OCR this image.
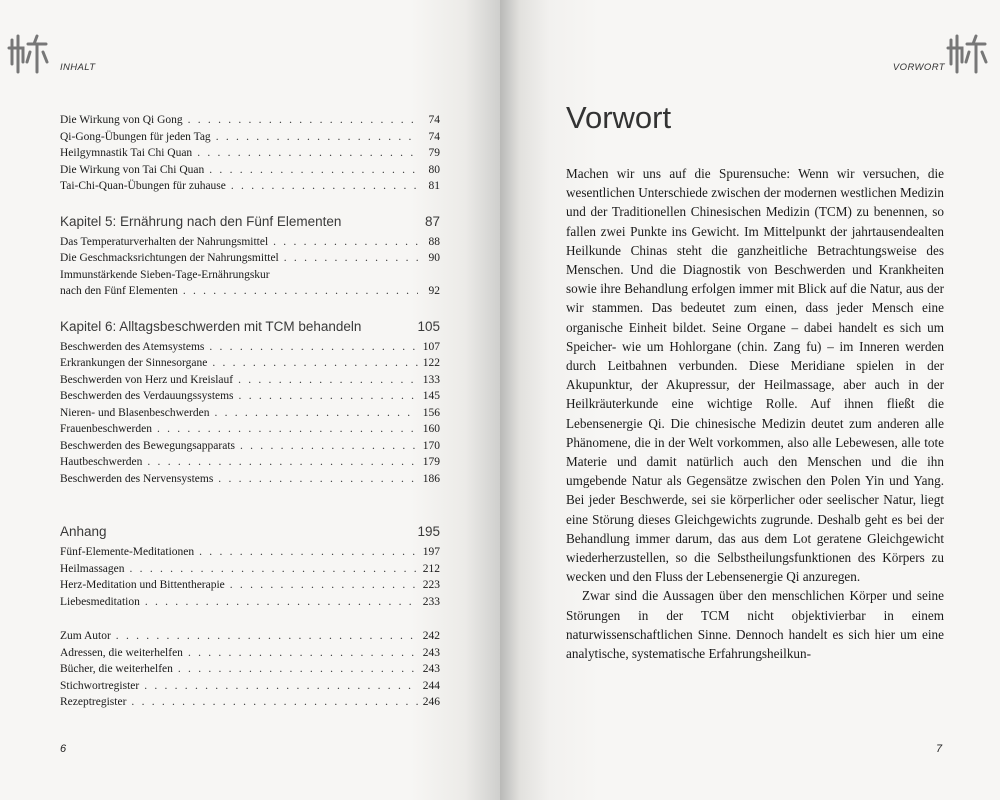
INHALT
Die Wirkung von Qi Gong . . .	74
Qi-Gong-Übungen für jeden Tag . . .	74
Heilgymnastik Tai Chi Quan . . .	79
Die Wirkung von Tai Chi Quan . . .	80
Tai-Chi-Quan-Übungen für zuhause . . .	81
Kapitel 5: Ernährung nach den Fünf Elementen	87
Das Temperaturverhalten der Nahrungsmittel . . .	88
Die Geschmacksrichtungen der Nahrungsmittel . . .	90
Immunstärkende Sieben-Tage-Ernährungskur
nach den Fünf Elementen . . .	92
Kapitel 6: Alltagsbeschwerden mit TCM behandeln	105
Beschwerden des Atemsystems . . .	107
Erkrankungen der Sinnesorgane . . .	122
Beschwerden von Herz und Kreislauf . . .	133
Beschwerden des Verdauungssystems . . .	145
Nieren- und Blasenbeschwerden . . .	156
Frauenbeschwerden . . .	160
Beschwerden des Bewegungsapparats . . .	170
Hautbeschwerden . . .	179
Beschwerden des Nervensystems . . .	186
Anhang	195
Fünf-Elemente-Meditationen . . .	197
Heilmassagen . . .	212
Herz-Meditation und Bittentherapie . . .	223
Liebesmeditation . . .	233
Zum Autor . . .	242
Adressen, die weiterhelfen . . .	243
Bücher, die weiterhelfen . . .	243
Stichwortregister . . .	244
Rezeptregister . . .	246
6
VORWORT
7
Vorwort

Machen wir uns auf die Spurensuche: Wenn wir versuchen, die wesentlichen Unterschiede zwischen der modernen westlichen Medizin und der Traditionellen Chinesischen Medizin (TCM) zu benennen, so fallen zwei Punkte ins Gewicht. Im Mittelpunkt der jahrtausendealten Heilkunde Chinas steht die ganzheitliche Betrachtungsweise des Menschen. Und die Diagnostik von Beschwerden und Krankheiten sowie ihre Behandlung erfolgen immer mit Blick auf die Natur, aus der wir stammen. Das bedeutet zum einen, dass jeder Mensch eine organische Einheit bildet. Seine Organe – dabei handelt es sich um Speicher- wie um Hohlorgane (chin. Zang fu) – im Inneren werden durch Leitbahnen verbunden. Diese Meridiane spielen in der Akupunktur, der Akupressur, der Heilmassage, aber auch in der Heilkräuterkunde eine wichtige Rolle. Auf ihnen fließt die Lebensenergie Qi. Die chinesische Medizin deutet zum anderen alle Phänomene, die in der Welt vorkommen, also alle Lebewesen, alle tote Materie und damit natürlich auch den Menschen und die ihn umgebende Natur als Gegensätze zwischen den Polen Yin und Yang. Bei jeder Beschwerde, sei sie körperlicher oder seelischer Natur, liegt eine Störung dieses Gleichgewichts zugrunde. Deshalb geht es bei der Behandlung immer darum, das aus dem Lot geratene Gleichgewicht wiederherzustellen, so die Selbstheilungsfunktionen des Körpers zu wecken und den Fluss der Lebensenergie Qi anzuregen.

Zwar sind die Aussagen über den menschlichen Körper und seine Störungen in der TCM nicht objektivierbar in einem naturwissenschaftlichen Sinne. Dennoch handelt es sich hier um eine analytische, systematische Erfahrungsheilkun-
